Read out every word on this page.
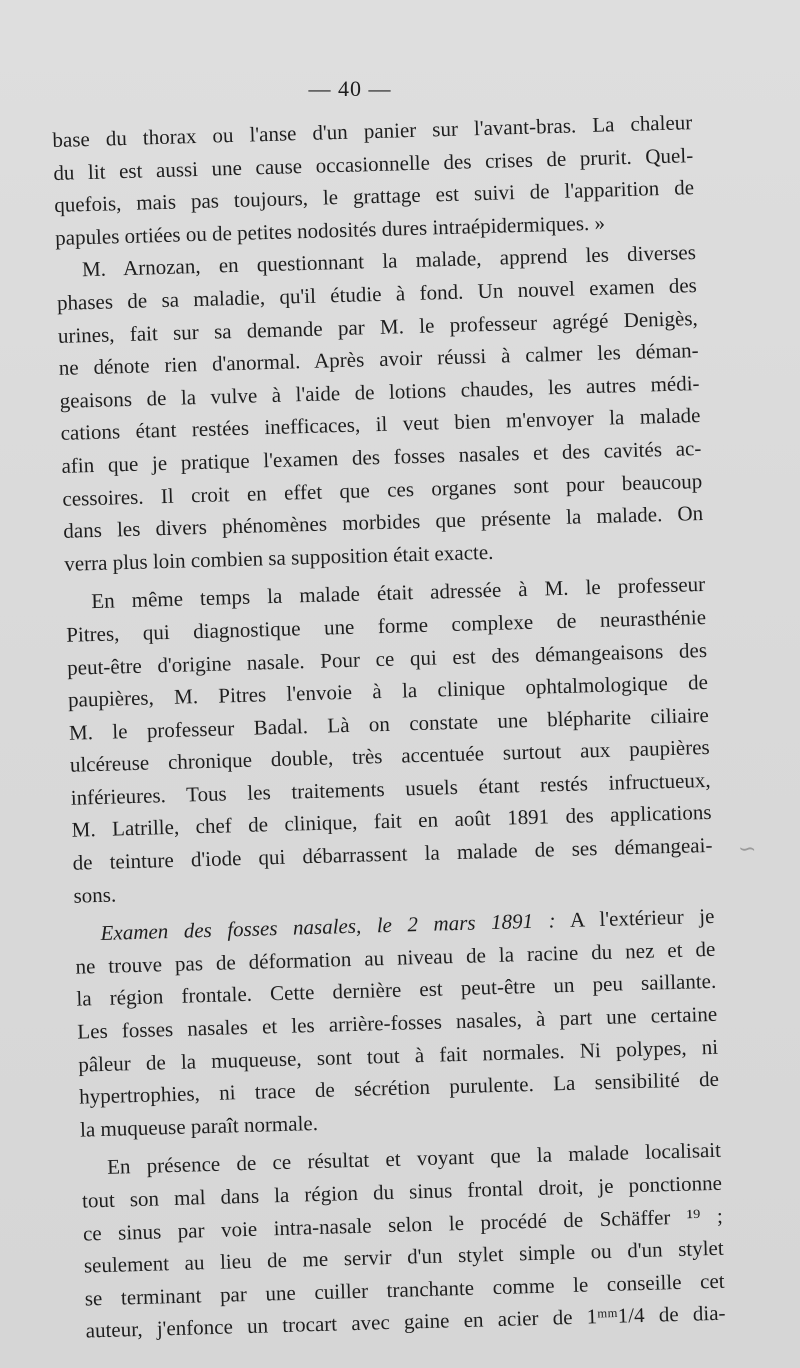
— 40 —
base du thorax ou l'anse d'un panier sur l'avant-bras. La chaleur
du lit est aussi une cause occasionnelle des crises de prurit. Quel-
quefois, mais pas toujours, le grattage est suivi de l'apparition de
papules ortiées ou de petites nodosités dures intraépidermiques. »
M. Arnozan, en questionnant la malade, apprend les diverses
phases de sa maladie, qu'il étudie à fond. Un nouvel examen des
urines, fait sur sa demande par M. le professeur agrégé Denigès,
ne dénote rien d'anormal. Après avoir réussi à calmer les déman-
geaisons de la vulve à l'aide de lotions chaudes, les autres médi-
cations étant restées inefficaces, il veut bien m'envoyer la malade
afin que je pratique l'examen des fosses nasales et des cavités ac-
cessoires. Il croit en effet que ces organes sont pour beaucoup
dans les divers phénomènes morbides que présente la malade. On
verra plus loin combien sa supposition était exacte.
En même temps la malade était adressée à M. le professeur
Pitres, qui diagnostique une forme complexe de neurasthénie
peut-être d'origine nasale. Pour ce qui est des démangeaisons des
paupières, M. Pitres l'envoie à la clinique ophtalmologique de
M. le professeur Badal. Là on constate une blépharite ciliaire
ulcéreuse chronique double, très accentuée surtout aux paupières
inférieures. Tous les traitements usuels étant restés infructueux,
M. Latrille, chef de clinique, fait en août 1891 des applications
de teinture d'iode qui débarrassent la malade de ses démangeai-
sons.
Examen des fosses nasales, le 2 mars 1891 : A l'extérieur je
ne trouve pas de déformation au niveau de la racine du nez et de
la région frontale. Cette dernière est peut-être un peu saillante.
Les fosses nasales et les arrière-fosses nasales, à part une certaine
pâleur de la muqueuse, sont tout à fait normales. Ni polypes, ni
hypertrophies, ni trace de sécrétion purulente. La sensibilité de
la muqueuse paraît normale.
En présence de ce résultat et voyant que la malade localisait
tout son mal dans la région du sinus frontal droit, je ponctionne
ce sinus par voie intra-nasale selon le procédé de Schäffer ¹⁹ ;
seulement au lieu de me servir d'un stylet simple ou d'un stylet
se terminant par une cuiller tranchante comme le conseille cet
auteur, j'enfonce un trocart avec gaine en acier de 1ᵐᵐ1/4 de dia-
∽
